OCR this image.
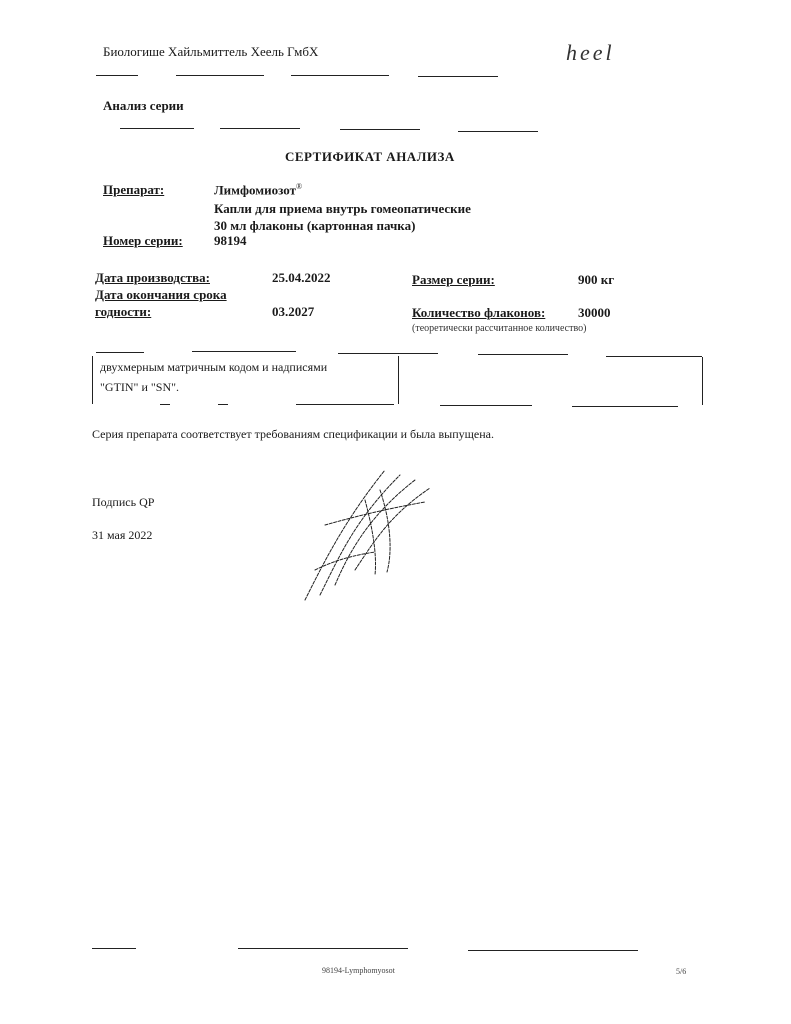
Биологише Хайльмиттель Хеель ГмбХ	heel
Анализ серии
СЕРТИФИКАТ АНАЛИЗА
Препарат:	Лимфомиозот®
Капли для приема внутрь гомеопатические
30 мл флаконы (картонная пачка)
Номер серии: 98194
Дата производства:	25.04.2022	Размер серии:	900 кг
Дата окончания срока
годности:	03.2027	Количество флаконов:	30000
(теоретически рассчитанное количество)
двухмерным матричным кодом и надписями
"GTIN" и "SN".
Серия препарата соответствует требованиям спецификации и была выпущена.
Подпись QP
31 мая 2022
98194-Lymphomyosot	5/6
